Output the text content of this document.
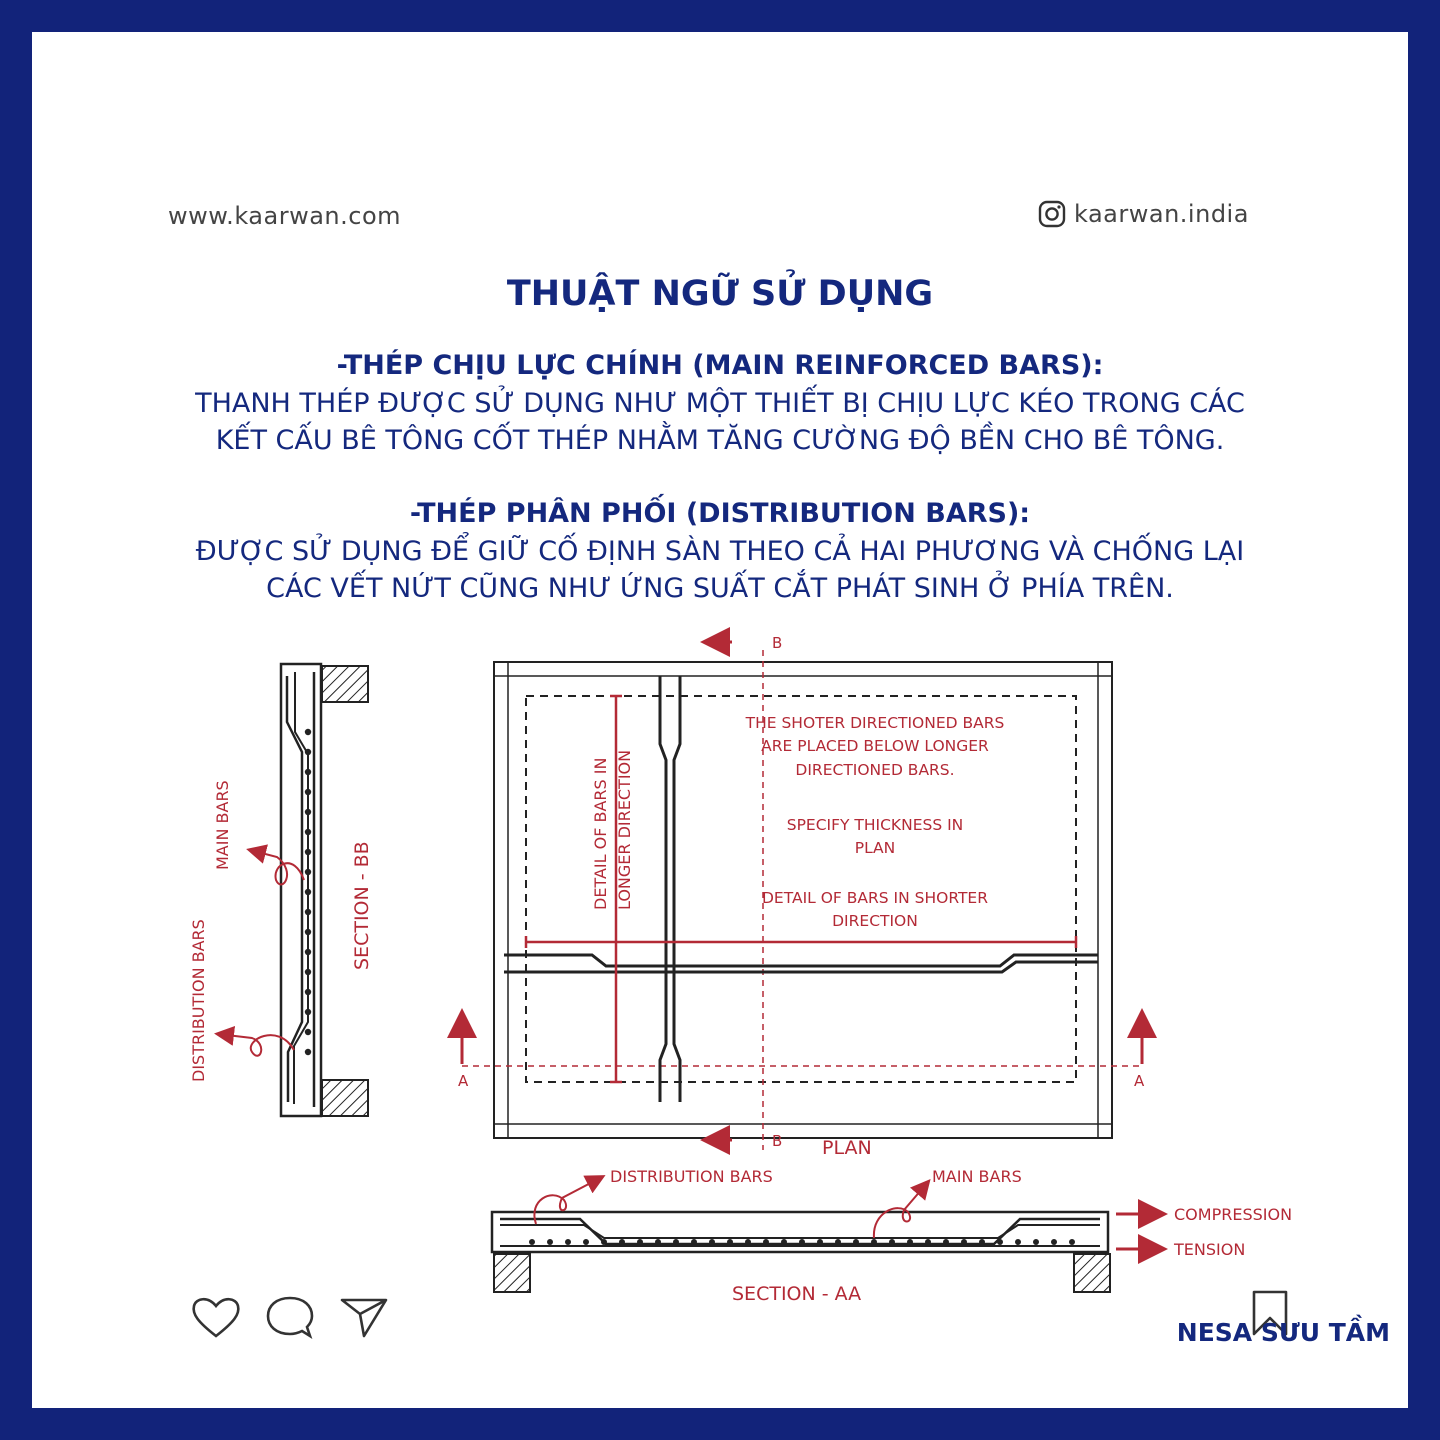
www.kaarwan.com	kaarwan.india
THUẬT NGỮ SỬ DỤNG
-THÉP CHỊU LỰC CHÍNH (MAIN REINFORCED BARS):
THANH THÉP ĐƯỢC SỬ DỤNG NHƯ MỘT THIẾT BỊ CHỊU LỰC KÉO TRONG CÁC
KẾT CẤU BÊ TÔNG CỐT THÉP NHẰM TĂNG CƯỜNG ĐỘ BỀN CHO BÊ TÔNG.
-THÉP PHÂN PHỐI (DISTRIBUTION BARS):
ĐƯỢC SỬ DỤNG ĐỂ GIỮ CỐ ĐỊNH SÀN THEO CẢ HAI PHƯƠNG VÀ CHỐNG LẠI
CÁC VẾT NỨT CŨNG NHƯ ỨNG SUẤT CẮT PHÁT SINH Ở PHÍA TRÊN.
SECTION - BB
MAIN BARS
DISTRIBUTION BARS
B
B
A	A
DETAIL OF BARS IN LONGER DIRECTION
THE SHOTER DIRECTIONED BARS
ARE PLACED BELOW LONGER
DIRECTIONED BARS.
SPECIFY THICKNESS IN
PLAN
DETAIL OF BARS IN SHORTER
DIRECTION
PLAN
DISTRIBUTION BARS	MAIN BARS
COMPRESSION
TENSION
SECTION - AA
NESA SƯU TẦM
